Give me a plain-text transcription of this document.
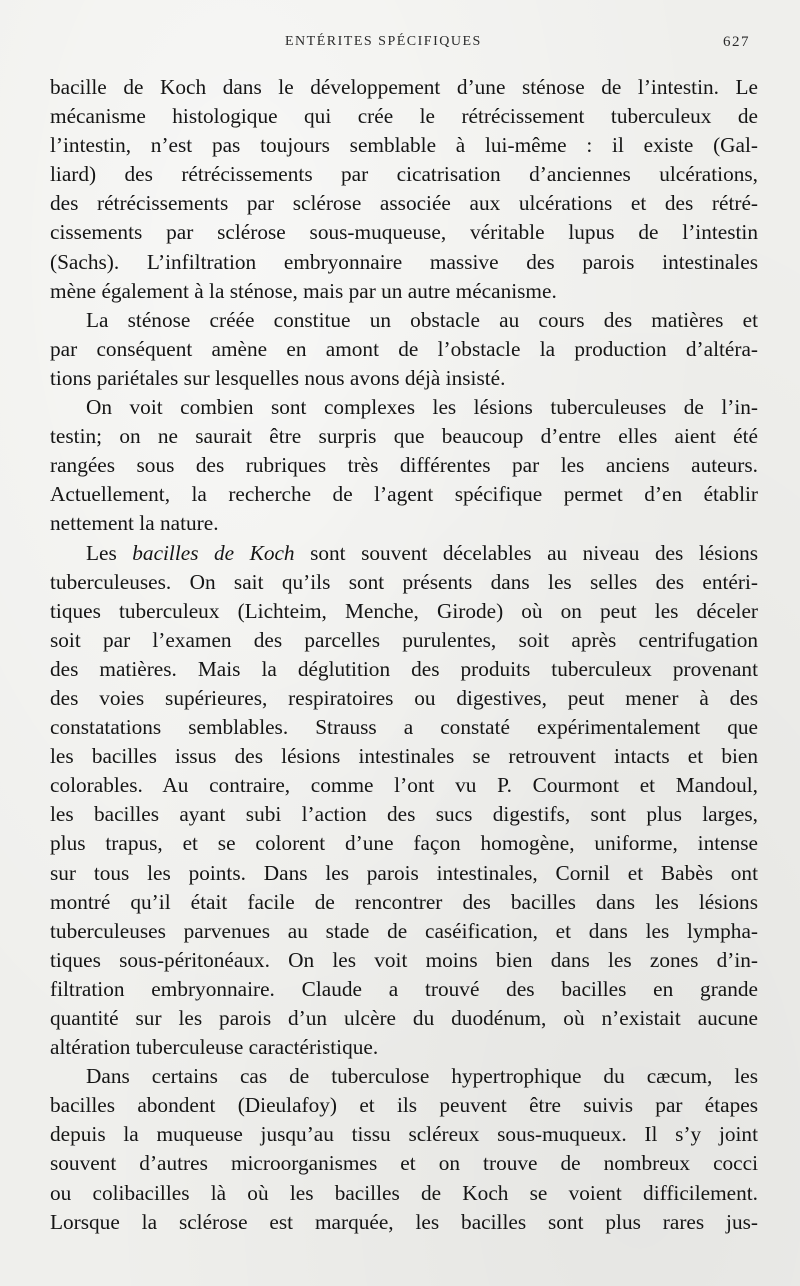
ENTÉRITES SPÉCIFIQUES	627
bacille de Koch dans le développement d’une sténose de l’intestin. Le
mécanisme histologique qui crée le rétrécissement tuberculeux de
l’intestin, n’est pas toujours semblable à lui-même : il existe (Gal-
liard) des rétrécissements par cicatrisation d’anciennes ulcérations,
des rétrécissements par sclérose associée aux ulcérations et des rétré-
cissements par sclérose sous-muqueuse, véritable lupus de l’intestin
(Sachs). L’infiltration embryonnaire massive des parois intestinales
mène également à la sténose, mais par un autre mécanisme.
La sténose créée constitue un obstacle au cours des matières et
par conséquent amène en amont de l’obstacle la production d’altéra-
tions pariétales sur lesquelles nous avons déjà insisté.
On voit combien sont complexes les lésions tuberculeuses de l’in-
testin; on ne saurait être surpris que beaucoup d’entre elles aient été
rangées sous des rubriques très différentes par les anciens auteurs.
Actuellement, la recherche de l’agent spécifique permet d’en établir
nettement la nature.
Les bacilles de Koch sont souvent décelables au niveau des lésions
tuberculeuses. On sait qu’ils sont présents dans les selles des entéri-
tiques tuberculeux (Lichteim, Menche, Girode) où on peut les déceler
soit par l’examen des parcelles purulentes, soit après centrifugation
des matières. Mais la déglutition des produits tuberculeux provenant
des voies supérieures, respiratoires ou digestives, peut mener à des
constatations semblables. Strauss a constaté expérimentalement que
les bacilles issus des lésions intestinales se retrouvent intacts et bien
colorables. Au contraire, comme l’ont vu P. Courmont et Mandoul,
les bacilles ayant subi l’action des sucs digestifs, sont plus larges,
plus trapus, et se colorent d’une façon homogène, uniforme, intense
sur tous les points. Dans les parois intestinales, Cornil et Babès ont
montré qu’il était facile de rencontrer des bacilles dans les lésions
tuberculeuses parvenues au stade de caséification, et dans les lympha-
tiques sous-péritonéaux. On les voit moins bien dans les zones d’in-
filtration embryonnaire. Claude a trouvé des bacilles en grande
quantité sur les parois d’un ulcère du duodénum, où n’existait aucune
altération tuberculeuse caractéristique.
Dans certains cas de tuberculose hypertrophique du cæcum, les
bacilles abondent (Dieulafoy) et ils peuvent être suivis par étapes
depuis la muqueuse jusqu’au tissu scléreux sous-muqueux. Il s’y joint
souvent d’autres microorganismes et on trouve de nombreux cocci
ou colibacilles là où les bacilles de Koch se voient difficilement.
Lorsque la sclérose est marquée, les bacilles sont plus rares jus-
